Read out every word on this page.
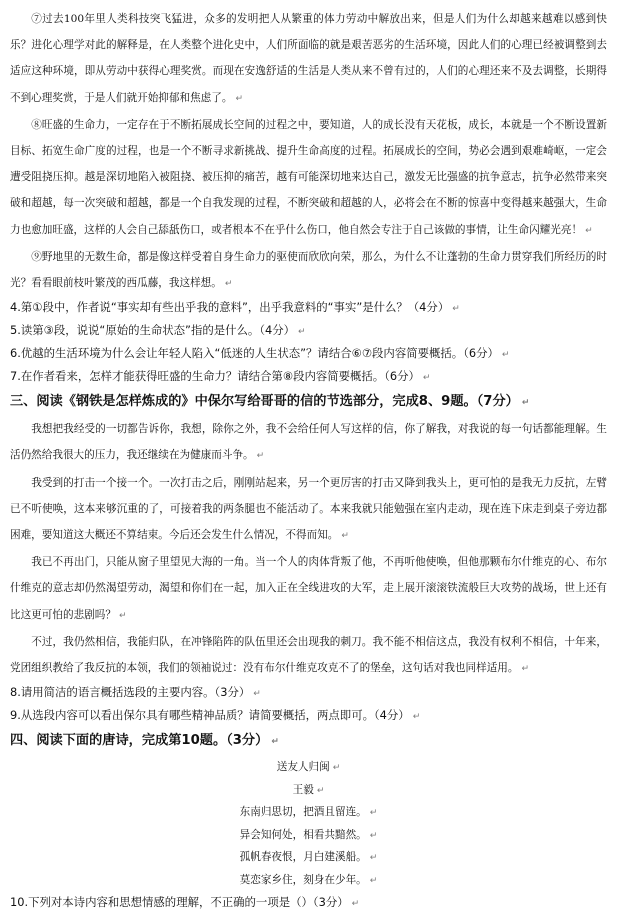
⑦过去100年里人类科技突飞猛进，众多的发明把人从繁重的体力劳动中解放出来，但是人们为什么却越来越难以感到快乐？进化心理学对此的解释是，在人类整个进化史中，人们所面临的就是艰苦恶劣的生活环境，因此人们的心理已经被调整到去适应这种环境，即从劳动中获得心理奖赏。而现在安逸舒适的生活是人类从来不曾有过的，人们的心理还来不及去调整，长期得不到心理奖赏，于是人们就开始抑郁和焦虑了。 ↵

⑧旺盛的生命力，一定存在于不断拓展成长空间的过程之中，要知道，人的成长没有天花板，成长，本就是一个不断设置新目标、拓宽生命广度的过程，也是一个不断寻求新挑战、提升生命高度的过程。拓展成长的空间，势必会遇到艰难崎岖，一定会遭受阻挠压抑。越是深切地陷入被阻挠、被压抑的痛苦，越有可能深切地来达自己，激发无比强盛的抗争意志，抗争必然带来突破和超越，每一次突破和超越，都是一个自我发现的过程，不断突破和超越的人，必将会在不断的惊喜中变得越来越强大，生命力也愈加旺盛，这样的人会自己舔舐伤口，或者根本不在乎什么伤口，他自然会专注于自己该做的事情，让生命闪耀光亮！ ↵

⑨野地里的无数生命，都是像这样受着自身生命力的驱使而欣欣向荣，那么，为什么不让蓬勃的生命力贯穿我们所经历的时光？看看眼前枝叶繁茂的西瓜藤，我这样想。 ↵

4.第①段中，作者说“事实却有些出乎我的意料”，出乎我意料的“事实”是什么？（4分） ↵

5.读第③段，说说“原始的生命状态”指的是什么。（4分） ↵

6.优越的生活环境为什么会让年轻人陷入“低迷的人生状态”？请结合⑥⑦段内容简要概括。（6分） ↵

7.在作者看来，怎样才能获得旺盛的生命力？请结合第⑧段内容简要概括。（6分） ↵

三、阅读《钢铁是怎样炼成的》中保尔写给哥哥的信的节选部分，完成8、9题。（7分） ↵

我想把我经受的一切都告诉你，我想，除你之外，我不会给任何人写这样的信，你了解我，对我说的每一句话都能理解。生活仍然给我很大的压力，我还继续在为健康而斗争。 ↵

我受到的打击一个接一个。一次打击之后，刚刚站起来，另一个更厉害的打击又降到我头上，更可怕的是我无力反抗，左臂已不听使唤，这本来够沉重的了，可接着我的两条腿也不能活动了。本来我就只能勉强在室内走动，现在连下床走到桌子旁边都困难，要知道这大概还不算结束。今后还会发生什么情况，不得而知。 ↵

我已不再出门，只能从窗子里望见大海的一角。当一个人的肉体背叛了他，不再听他使唤，但他那颗布尔什维克的心、布尔什维克的意志却仍然渴望劳动，渴望和你们在一起，加入正在全线进攻的大军，走上展开滚滚铁流般巨大攻势的战场，世上还有比这更可怕的悲剧吗？ ↵

不过，我仍然相信，我能归队，在冲锋陷阵的队伍里还会出现我的刺刀。我不能不相信这点，我没有权利不相信，十年来，党团组织教给了我反抗的本领，我们的领袖说过：没有布尔什维克攻克不了的堡垒，这句话对我也同样适用。 ↵

8.请用简洁的语言概括选段的主要内容。（3分） ↵

9.从选段内容可以看出保尔具有哪些精神品质？请简要概括，两点即可。（4分） ↵

四、阅读下面的唐诗，完成第10题。（3分） ↵

送友人归闽 ↵

王毅 ↵

东南归思切，把酒且留连。 ↵

异会知何处，相看共黯然。 ↵

孤帆春夜恨，月白建溪船。 ↵

莫恋家乡住，刻身在少年。 ↵

10.下列对本诗内容和思想情感的理解，不正确的一项是（）（3分） ↵
